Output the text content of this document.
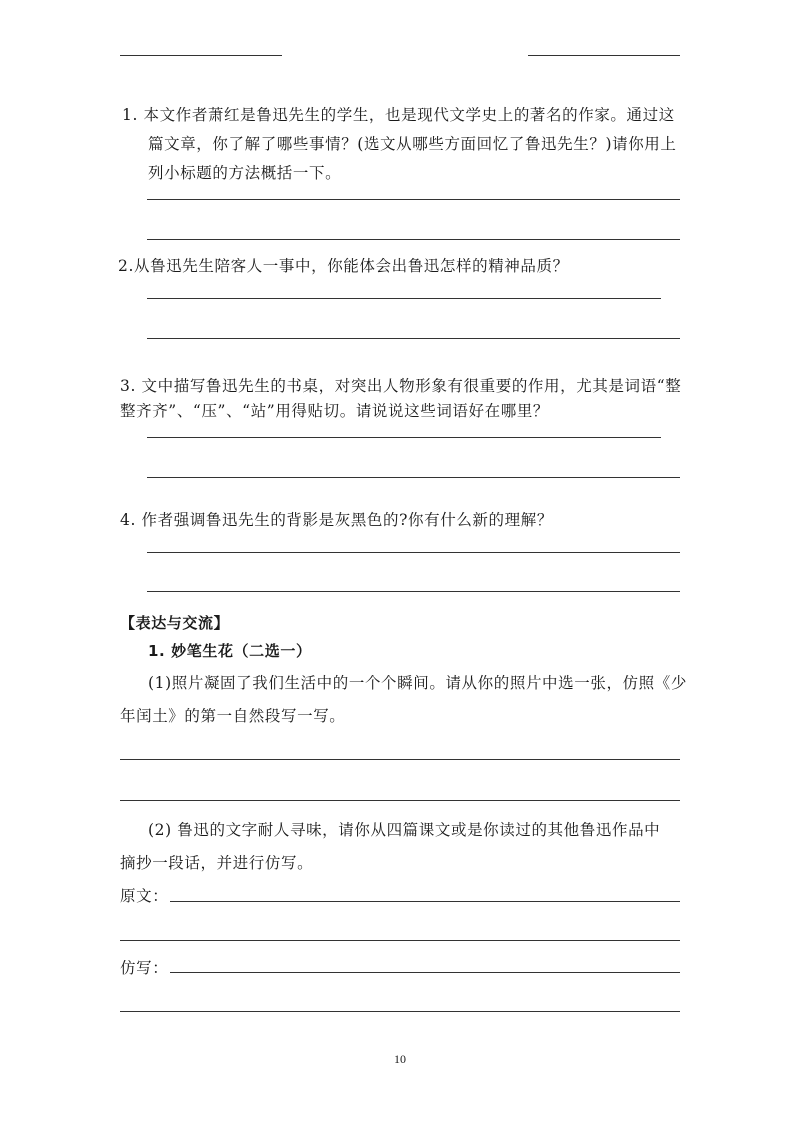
1. 本文作者萧红是鲁迅先生的学生，也是现代文学史上的著名的作家。通过这
篇文章，你了解了哪些事情？(选文从哪些方面回忆了鲁迅先生？)请你用上
列小标题的方法概括一下。
2.从鲁迅先生陪客人一事中，你能体会出鲁迅怎样的精神品质？
3. 文中描写鲁迅先生的书桌，对突出人物形象有很重要的作用，尤其是词语“整
整齐齐”、“压”、“站”用得贴切。请说说这些词语好在哪里？
4. 作者强调鲁迅先生的背影是灰黑色的?你有什么新的理解？
【表达与交流】
1. 妙笔生花（二选一）
(1)照片凝固了我们生活中的一个个瞬间。请从你的照片中选一张，仿照《少
年闰土》的第一自然段写一写。
(2) 鲁迅的文字耐人寻味，请你从四篇课文或是你读过的其他鲁迅作品中
摘抄一段话，并进行仿写。
原文：
仿写：
10
